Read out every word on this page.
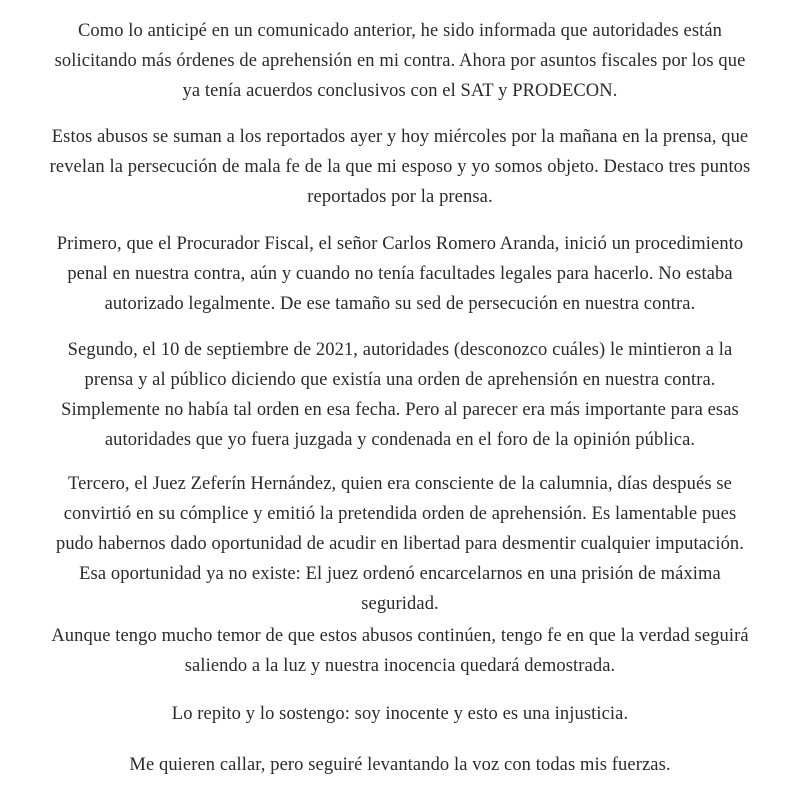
Como lo anticipé en un comunicado anterior, he sido informada que autoridades están
solicitando más órdenes de aprehensión en mi contra. Ahora por asuntos fiscales por los que
ya tenía acuerdos conclusivos con el SAT y PRODECON.

Estos abusos se suman a los reportados ayer y hoy miércoles por la mañana en la prensa, que
revelan la persecución de mala fe de la que mi esposo y yo somos objeto. Destaco tres puntos
reportados por la prensa.

Primero, que el Procurador Fiscal, el señor Carlos Romero Aranda, inició un procedimiento
penal en nuestra contra, aún y cuando no tenía facultades legales para hacerlo. No estaba
autorizado legalmente. De ese tamaño su sed de persecución en nuestra contra.

Segundo, el 10 de septiembre de 2021, autoridades (desconozco cuáles) le mintieron a la
prensa y al público diciendo que existía una orden de aprehensión en nuestra contra.
Simplemente no había tal orden en esa fecha. Pero al parecer era más importante para esas
autoridades que yo fuera juzgada y condenada en el foro de la opinión pública.

Tercero, el Juez Zeferín Hernández, quien era consciente de la calumnia, días después se
convirtió en su cómplice y emitió la pretendida orden de aprehensión. Es lamentable pues
pudo habernos dado oportunidad de acudir en libertad para desmentir cualquier imputación.
Esa oportunidad ya no existe: El juez ordenó encarcelarnos en una prisión de máxima
seguridad.

Aunque tengo mucho temor de que estos abusos continúen, tengo fe en que la verdad seguirá
saliendo a la luz y nuestra inocencia quedará demostrada.

Lo repito y lo sostengo: soy inocente y esto es una injusticia.

Me quieren callar, pero seguiré levantando la voz con todas mis fuerzas.
